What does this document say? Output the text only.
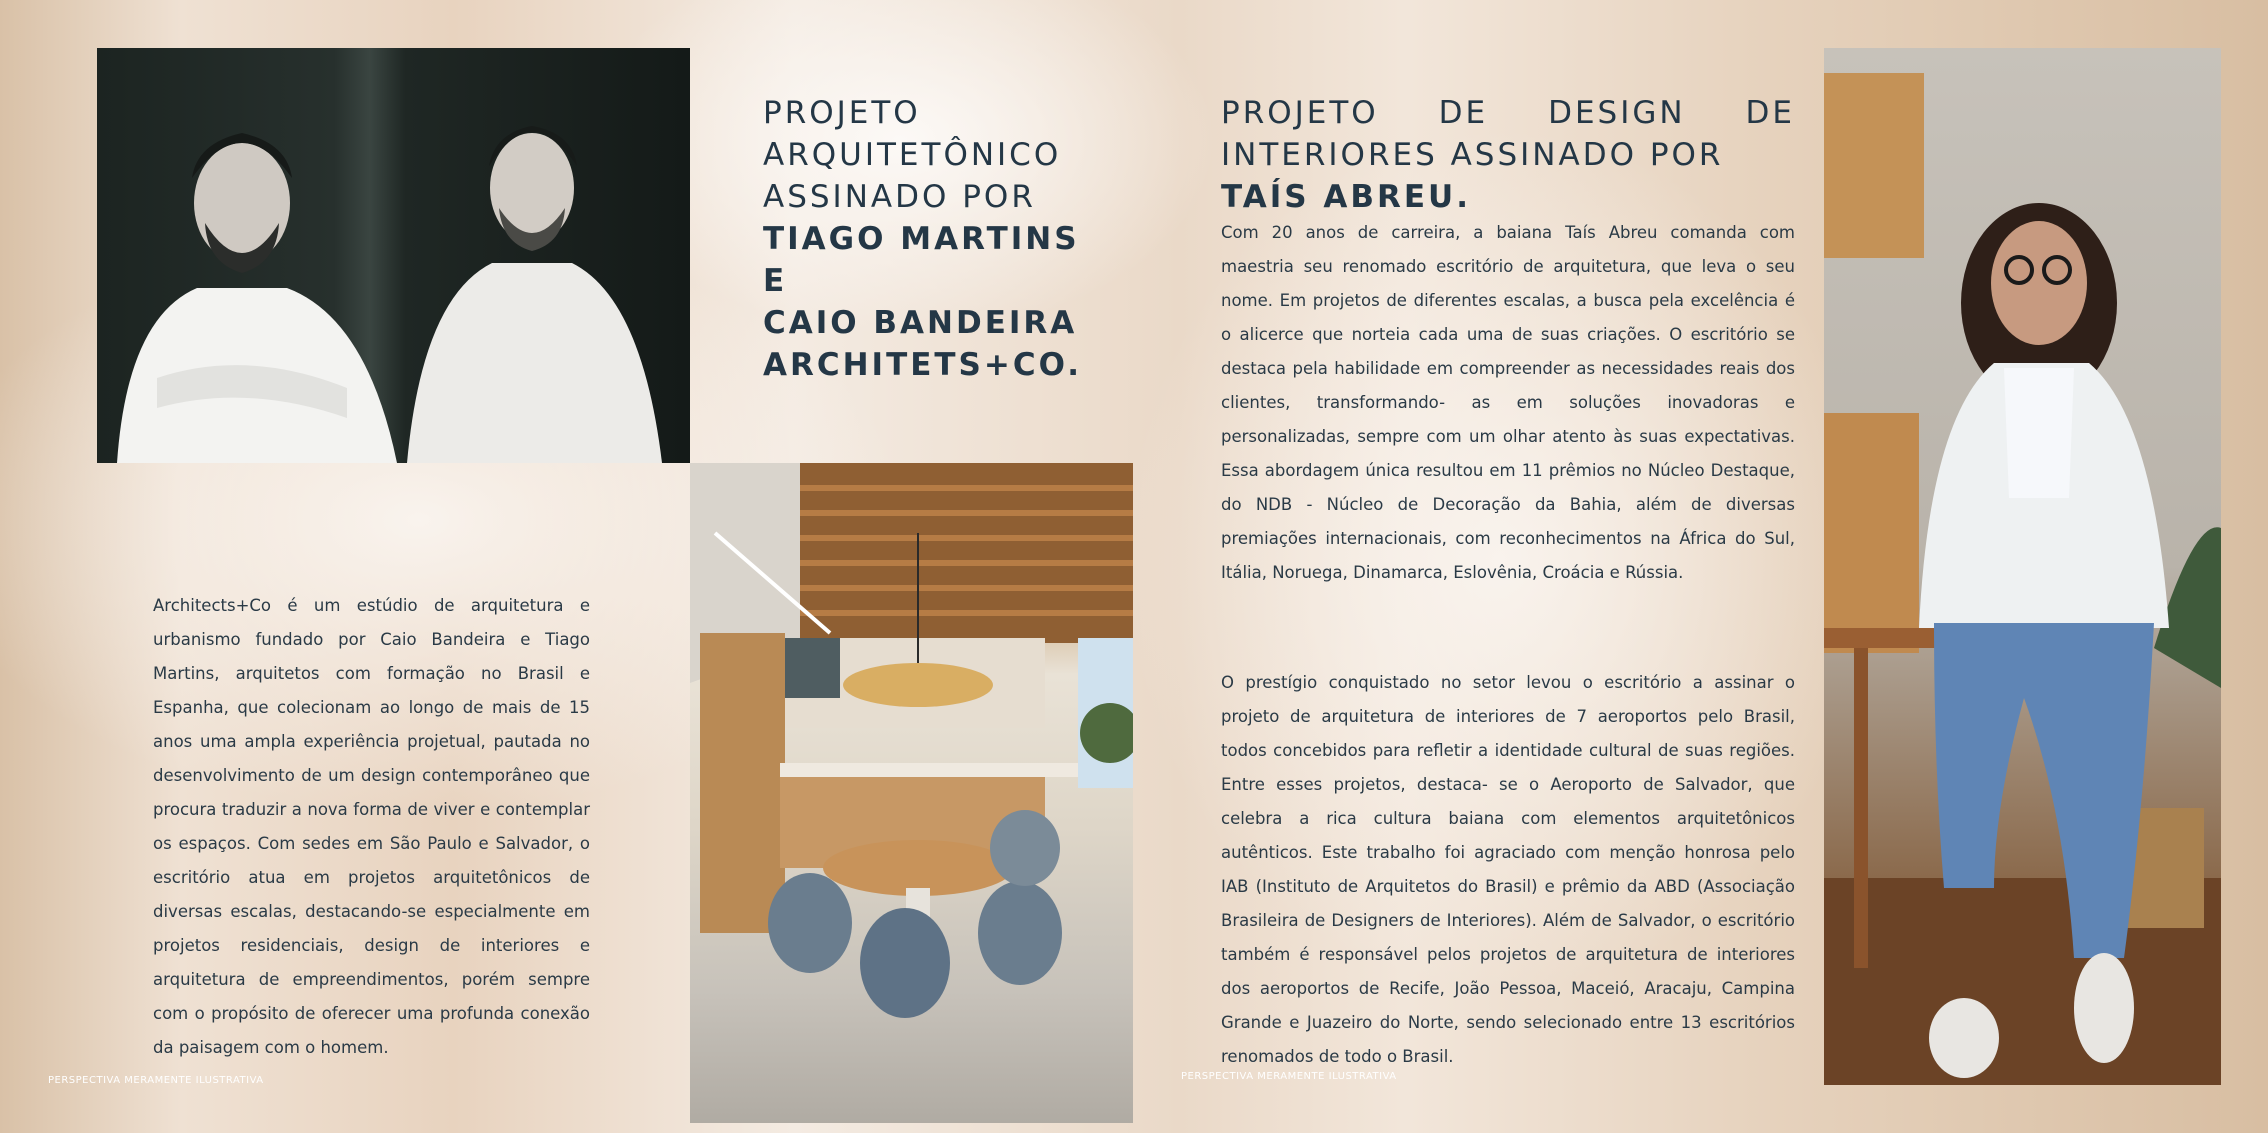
PROJETO
ARQUITETÔNICO
ASSINADO POR
TIAGO MARTINS E
CAIO BANDEIRA
ARCHITETS+CO.
Architects+Co é um estúdio de arquitetura e urbanismo fundado por Caio Bandeira e Tiago Martins, arquitetos com formação no Brasil e Espanha, que colecionam ao longo de mais de 15 anos uma ampla experiência projetual, pautada no desenvolvimento de um design contemporâneo que procura traduzir a nova forma de viver e contemplar os espaços. Com sedes em São Paulo e Salvador, o escritório atua em projetos arquitetônicos de diversas escalas, destacando-se especialmente em projetos residenciais, design de interiores e arquitetura de empreendimentos, porém sempre com o propósito de oferecer uma profunda conexão da paisagem com o homem.
PROJETO DE DESIGN DE
INTERIORES ASSINADO POR
TAÍS ABREU.
Com 20 anos de carreira, a baiana Taís Abreu comanda com maestria seu renomado escritório de arquitetura, que leva o seu nome. Em projetos de diferentes escalas, a busca pela excelência é o alicerce que norteia cada uma de suas criações. O escritório se destaca pela habilidade em compreender as necessidades reais dos clientes, transformando- as em soluções inovadoras e personalizadas, sempre com um olhar atento às suas expectativas. Essa abordagem única resultou em 11 prêmios no Núcleo Destaque, do NDB - Núcleo de Decoração da Bahia, além de diversas premiações internacionais, com reconhecimentos na África do Sul, Itália, Noruega, Dinamarca, Eslovênia, Croácia e Rússia.
O prestígio conquistado no setor levou o escritório a assinar o projeto de arquitetura de interiores de 7 aeroportos pelo Brasil, todos concebidos para refletir a identidade cultural de suas regiões. Entre esses projetos, destaca- se o Aeroporto de Salvador, que celebra a rica cultura baiana com elementos arquitetônicos autênticos. Este trabalho foi agraciado com menção honrosa pelo IAB (Instituto de Arquitetos do Brasil) e prêmio da ABD (Associação Brasileira de Designers de Interiores). Além de Salvador, o escritório também é responsável pelos projetos de arquitetura de interiores dos aeroportos de Recife, João Pessoa, Maceió, Aracaju, Campina Grande e Juazeiro do Norte, sendo selecionado entre 13 escritórios renomados de todo o Brasil.
PERSPECTIVA MERAMENTE ILUSTRATIVA	PERSPECTIVA MERAMENTE ILUSTRATIVA
